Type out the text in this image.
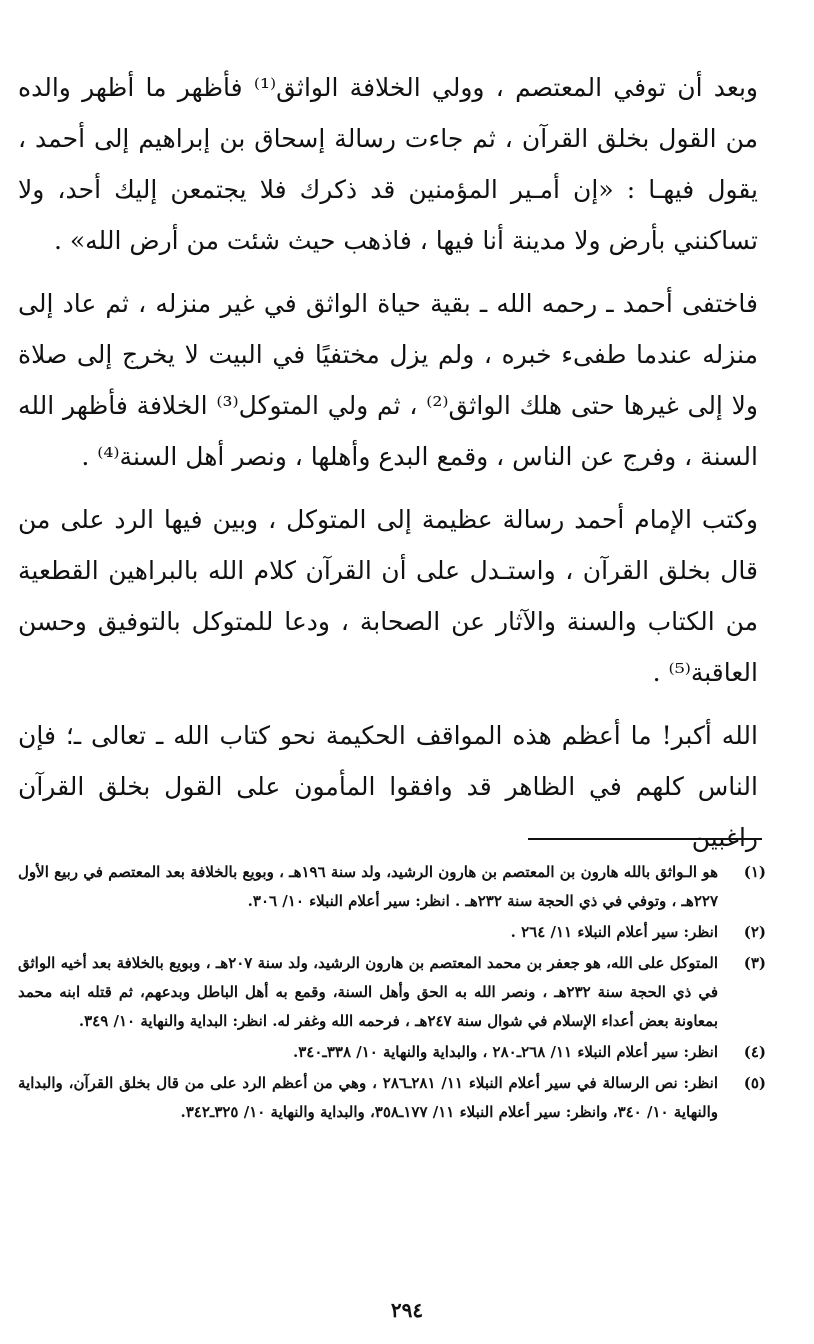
وبعد أن توفي المعتصم ، وولي الخلافة الواثق⁽¹⁾ فأظهر ما أظهر والده من القول بخلق القرآن ، ثم جاءت رسالة إسحاق بن إبراهيم إلى أحمد ، يقول فيهـا : «إن أمـير المؤمنين قد ذكرك فلا يجتمعن إليك أحد، ولا تساكنني بأرض ولا مدينة أنا فيها ، فاذهب حيث شئت من أرض الله» .

فاختفى أحمد ـ رحمه الله ـ بقية حياة الواثق في غير منزله ، ثم عاد إلى منزله عندما طفىء خبره ، ولم يزل مختفيًا في البيت لا يخرج إلى صلاة ولا إلى غيرها حتى هلك الواثق⁽²⁾ ، ثم ولي المتوكل⁽³⁾ الخلافة فأظهر الله السنة ، وفرج عن الناس ، وقمع البدع وأهلها ، ونصر أهل السنة⁽⁴⁾ .

وكتب الإمام أحمد رسالة عظيمة إلى المتوكل ، وبين فيها الرد على من قال بخلق القرآن ، واستـدل على أن القرآن كلام الله بالبراهين القطعية من الكتاب والسنة والآثار عن الصحابة ، ودعا للمتوكل بالتوفيق وحسن العاقبة⁽⁵⁾ .

الله أكبر! ما أعظم هذه المواقف الحكيمة نحو كتاب الله ـ تعالى ـ؛ فإن الناس كلهم في الظاهر قد وافقوا المأمون على القول بخلق القرآن راغبين

(١)
هو الـواثق بالله هارون بن المعتصم بن هارون الرشيد، ولد سنة ١٩٦هـ ، وبويع بالخلافة بعد المعتصم في ربيع الأول ٢٢٧هـ ، وتوفي في ذي الحجة سنة ٢٣٢هـ . انظر: سير أعلام النبلاء ١٠/ ٣٠٦.
(٢)
انظر: سير أعلام النبلاء ١١/ ٢٦٤ .
(٣)
المتوكل على الله، هو جعفر بن محمد المعتصم بن هارون الرشيد، ولد سنة ٢٠٧هـ ، وبويع بالخلافة بعد أخيه الواثق في ذي الحجة سنة ٢٣٢هـ ، ونصر الله به الحق وأهل السنة، وقمع به أهل الباطل وبدعهم، ثم قتله ابنه محمد بمعاونة بعض أعداء الإسلام في شوال سنة ٢٤٧هـ ، فرحمه الله وغفر له. انظر: البداية والنهاية ١٠/ ٣٤٩.
(٤)
انظر: سير أعلام النبلاء ١١/ ٢٦٨ـ٢٨٠ ، والبداية والنهاية ١٠/ ٣٣٨ـ٣٤٠.
(٥)
انظر: نص الرسالة في سير أعلام النبلاء ١١/ ٢٨١ـ٢٨٦ ، وهي من أعظم الرد على من قال بخلق القرآن، والبداية والنهاية ١٠/ ٣٤٠، وانظر: سير أعلام النبلاء ١١/ ١٧٧ـ٣٥٨، والبداية والنهاية ١٠/ ٣٢٥ـ٣٤٢.
٢٩٤
